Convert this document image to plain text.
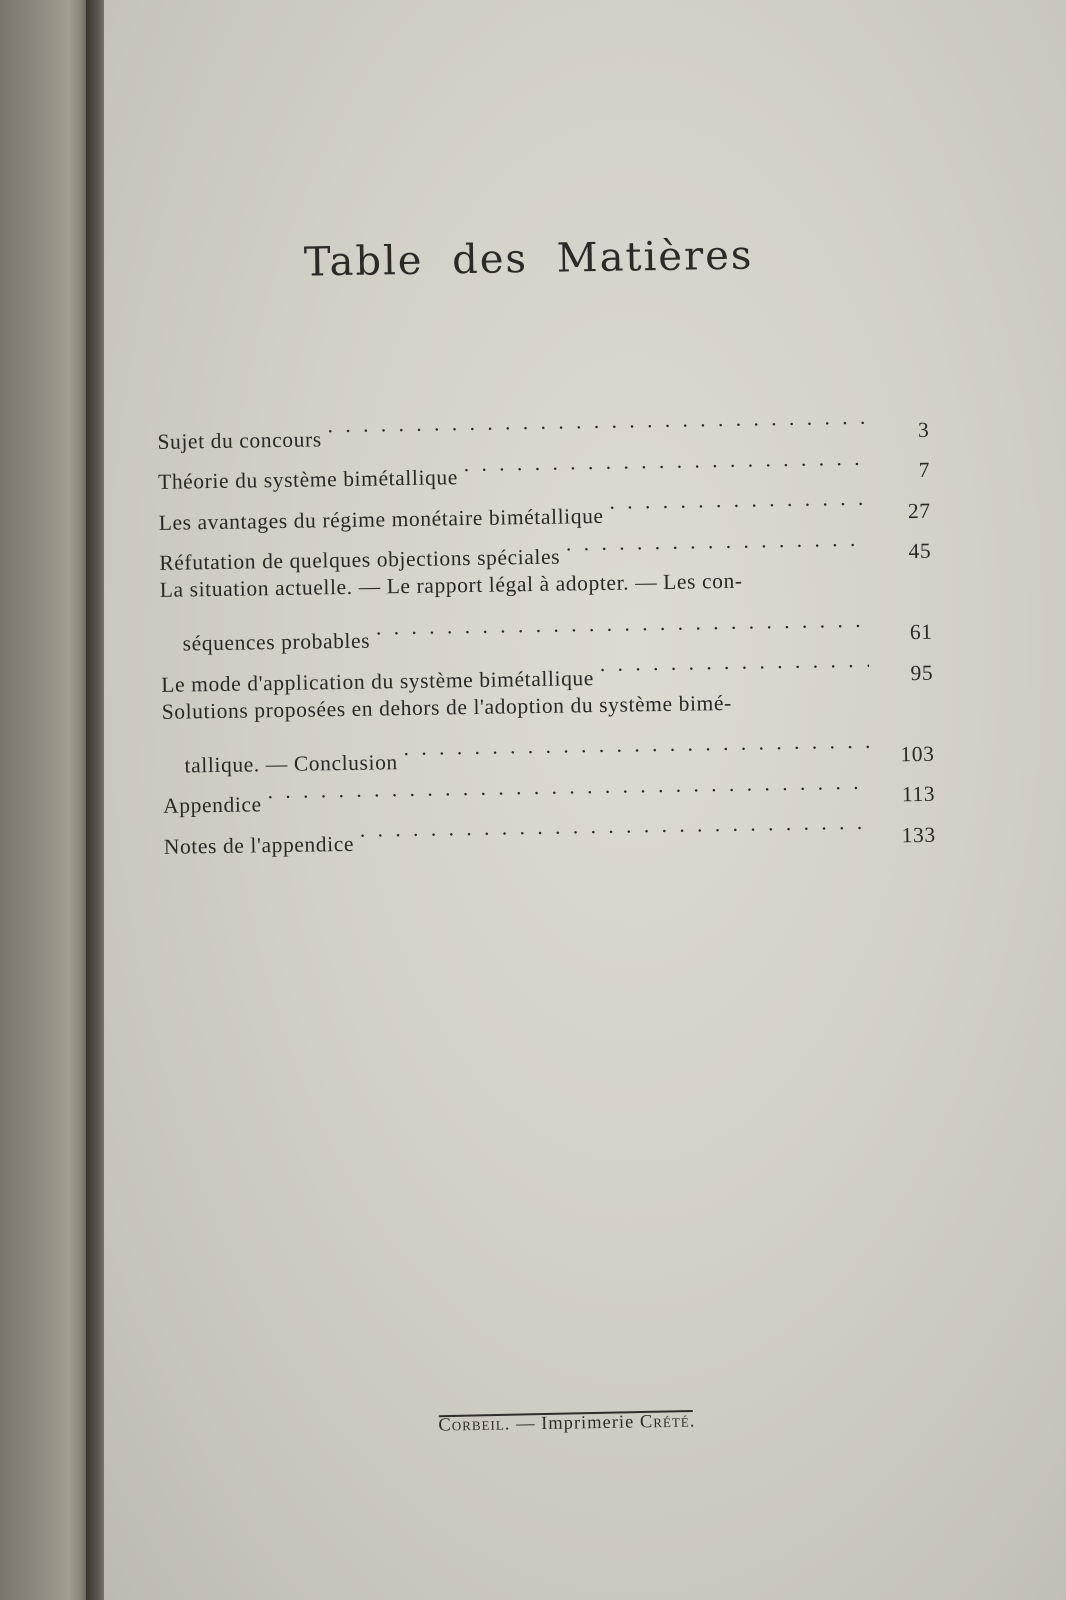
Table des Matières
Sujet du concours . . .	3
Théorie du système bimétallique . . .	7
Les avantages du régime monétaire bimétallique . . .	27
Réfutation de quelques objections spéciales . . .	45
La situation actuelle. — Le rapport légal à adopter. — Les con-
séquences probables . . .	61
Le mode d'application du système bimétallique . . .	95
Solutions proposées en dehors de l'adoption du système bimé-
tallique. — Conclusion . . .	103
Appendice . . .	113
Notes de l'appendice . . .	133
Corbeil. — Imprimerie Crété.
